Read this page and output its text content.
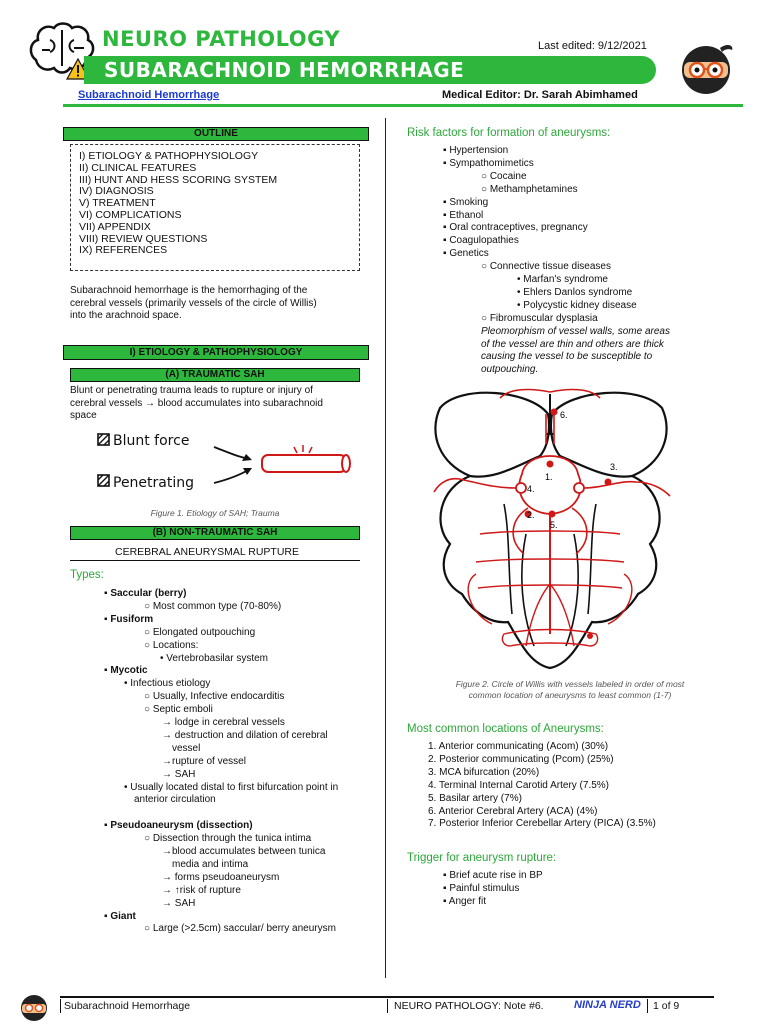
NEURO PATHOLOGY
SUBARACHNOID HEMORRHAGE
Last edited: 9/12/2021
Subarachnoid Hemorrhage	Medical Editor: Dr. Sarah Abimhamed
OUTLINE
I) ETIOLOGY & PATHOPHYSIOLOGY
II) CLINICAL FEATURES
III) HUNT AND HESS SCORING SYSTEM
IV) DIAGNOSIS
V) TREATMENT
VI) COMPLICATIONS
VII) APPENDIX
VIII) REVIEW QUESTIONS
IX) REFERENCES
Subarachnoid hemorrhage is the hemorrhaging of the
cerebral vessels (primarily vessels of the circle of Willis)
into the arachnoid space.
I) ETIOLOGY & PATHOPHYSIOLOGY
(A) TRAUMATIC SAH
Blunt or penetrating trauma leads to rupture or injury of
cerebral vessels → blood accumulates into subarachnoid
space
Blunt force
Penetrating
Figure 1. Etiology of SAH; Trauma
(B) NON-TRAUMATIC SAH
CEREBRAL ANEURYSMAL RUPTURE
Types:
▪ Saccular (berry)
○ Most common type (70-80%)
▪ Fusiform
○ Elongated outpouching
○ Locations:
• Vertebrobasilar system
▪ Mycotic
• Infectious etiology
○ Usually, Infective endocarditis
○ Septic emboli
→ lodge in cerebral vessels
→ destruction and dilation of cerebral
vessel
→rupture of vessel
→ SAH
• Usually located distal to first bifurcation point in
anterior circulation
▪ Pseudoaneurysm (dissection)
○ Dissection through the tunica intima
→blood accumulates between tunica
media and intima
→ forms pseudoaneurysm
→ ↑risk of rupture
→ SAH
▪ Giant
○ Large (>2.5cm) saccular/ berry aneurysm
Risk factors for formation of aneurysms:
▪ Hypertension
▪ Sympathomimetics
○ Cocaine
○ Methamphetamines
▪ Smoking
▪ Ethanol
▪ Oral contraceptives, pregnancy
▪ Coagulopathies
▪ Genetics
○ Connective tissue diseases
• Marfan's syndrome
• Ehlers Danlos syndrome
• Polycystic kidney disease
○ Fibromuscular dysplasia
Pleomorphism of vessel walls, some areas
of the vessel are thin and others are thick
causing the vessel to be susceptible to
outpouching.
1.
2.
3.
4.
5.
6.
Figure 2. Circle of Willis with vessels labeled in order of most
common location of aneurysms to least common (1-7)
Most common locations of Aneurysms:
1. Anterior communicating (Acom) (30%)
2. Posterior communicating (Pcom) (25%)
3. MCA bifurcation (20%)
4. Terminal Internal Carotid Artery (7.5%)
5. Basilar artery (7%)
6. Anterior Cerebral Artery (ACA) (4%)
7. Posterior Inferior Cerebellar Artery (PICA) (3.5%)
Trigger for aneurysm rupture:
▪ Brief acute rise in BP
▪ Painful stimulus
▪ Anger fit
Subarachnoid Hemorrhage	NEURO PATHOLOGY: Note #6.	NINJA NERD 1 of 9
